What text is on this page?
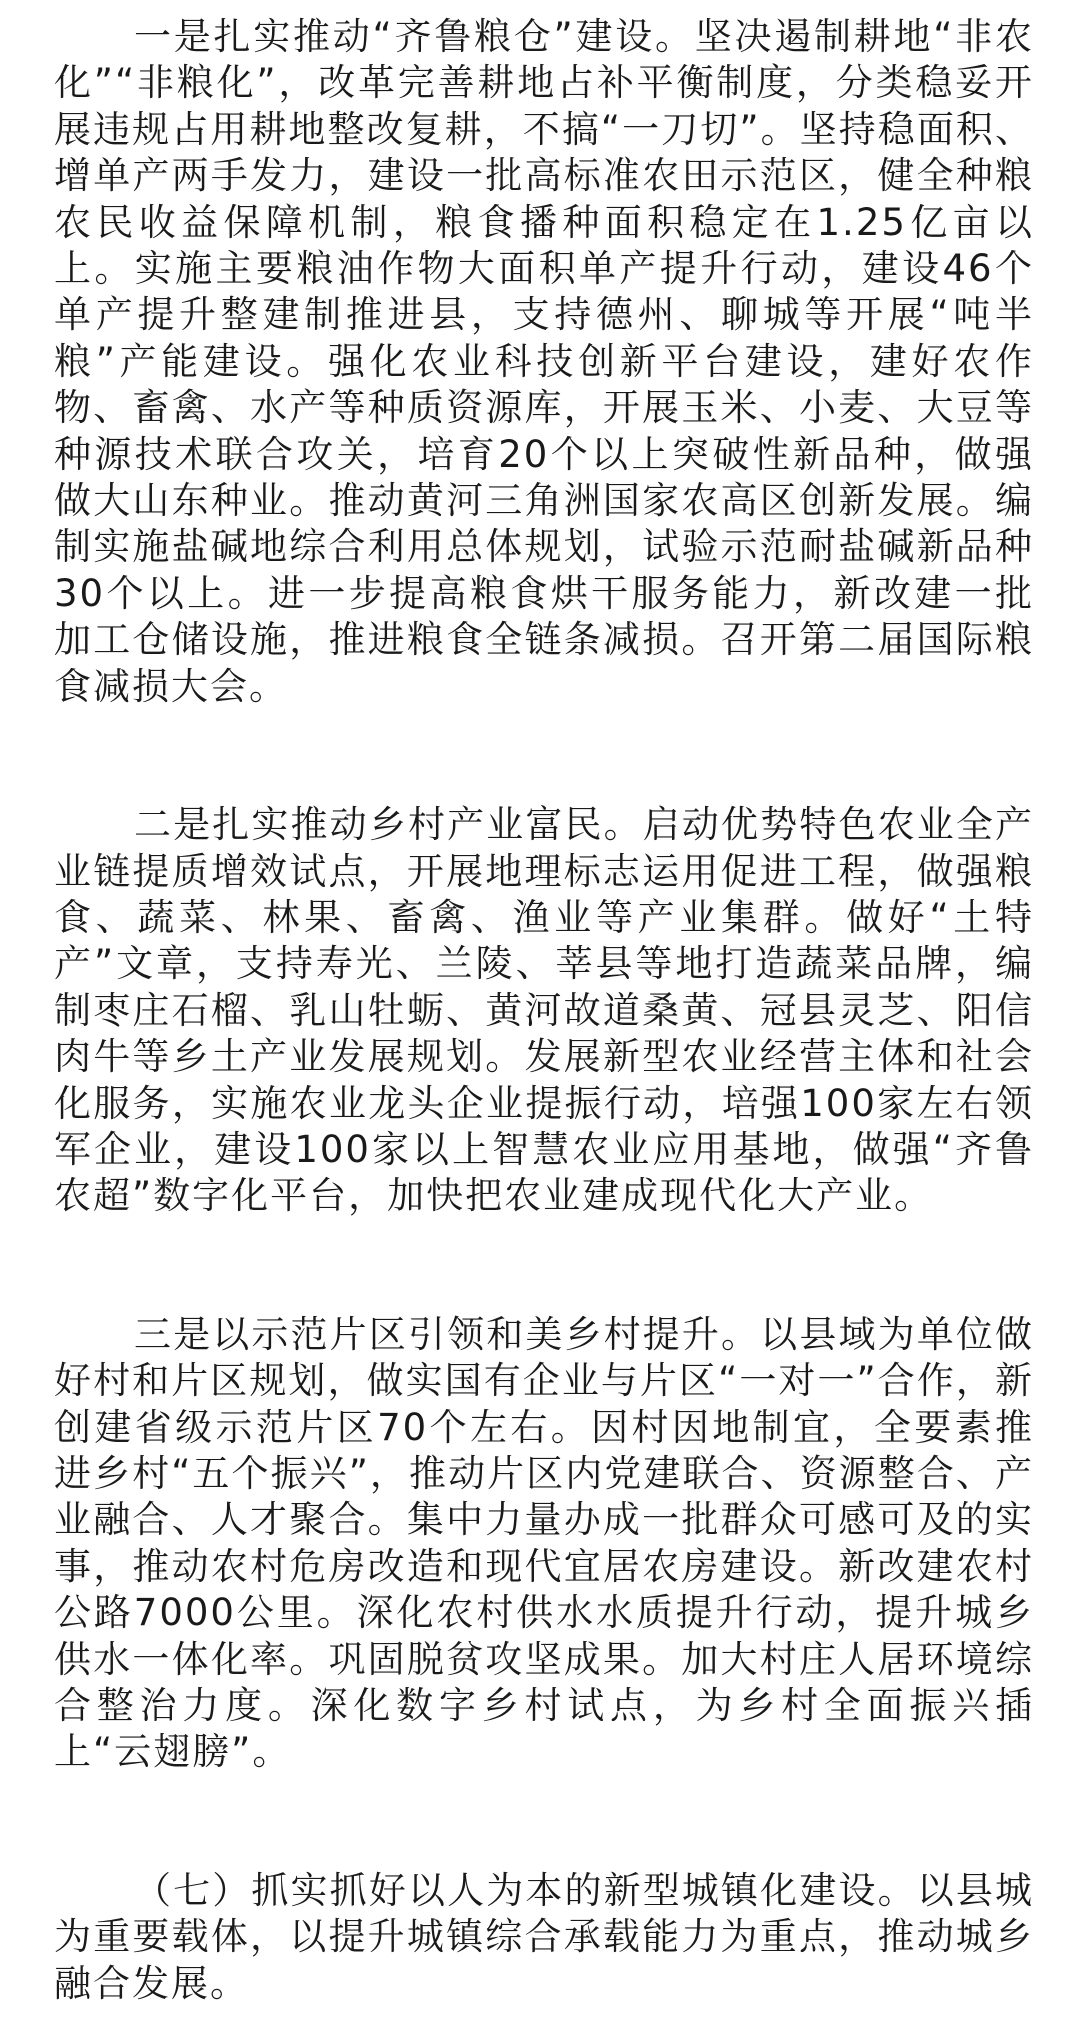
一是扎实推动“齐鲁粮仓”建设。坚决遏制耕地“非农化”“非粮化”，改革完善耕地占补平衡制度，分类稳妥开展违规占用耕地整改复耕，不搞“一刀切”。坚持稳面积、增单产两手发力，建设一批高标准农田示范区，健全种粮农民收益保障机制，粮食播种面积稳定在1.25亿亩以上。实施主要粮油作物大面积单产提升行动，建设46个单产提升整建制推进县，支持德州、聊城等开展“吨半粮”产能建设。强化农业科技创新平台建设，建好农作物、畜禽、水产等种质资源库，开展玉米、小麦、大豆等种源技术联合攻关，培育20个以上突破性新品种，做强做大山东种业。推动黄河三角洲国家农高区创新发展。编制实施盐碱地综合利用总体规划，试验示范耐盐碱新品种30个以上。进一步提高粮食烘干服务能力，新改建一批加工仓储设施，推进粮食全链条减损。召开第二届国际粮食减损大会。

二是扎实推动乡村产业富民。启动优势特色农业全产业链提质增效试点，开展地理标志运用促进工程，做强粮食、蔬菜、林果、畜禽、渔业等产业集群。做好“土特产”文章，支持寿光、兰陵、莘县等地打造蔬菜品牌，编制枣庄石榴、乳山牡蛎、黄河故道桑黄、冠县灵芝、阳信肉牛等乡土产业发展规划。发展新型农业经营主体和社会化服务，实施农业龙头企业提振行动，培强100家左右领军企业，建设100家以上智慧农业应用基地，做强“齐鲁农超”数字化平台，加快把农业建成现代化大产业。

三是以示范片区引领和美乡村提升。以县域为单位做好村和片区规划，做实国有企业与片区“一对一”合作，新创建省级示范片区70个左右。因村因地制宜，全要素推进乡村“五个振兴”，推动片区内党建联合、资源整合、产业融合、人才聚合。集中力量办成一批群众可感可及的实事，推动农村危房改造和现代宜居农房建设。新改建农村公路7000公里。深化农村供水水质提升行动，提升城乡供水一体化率。巩固脱贫攻坚成果。加大村庄人居环境综合整治力度。深化数字乡村试点，为乡村全面振兴插上“云翅膀”。

（七）抓实抓好以人为本的新型城镇化建设。以县城为重要载体，以提升城镇综合承载能力为重点，推动城乡融合发展。
